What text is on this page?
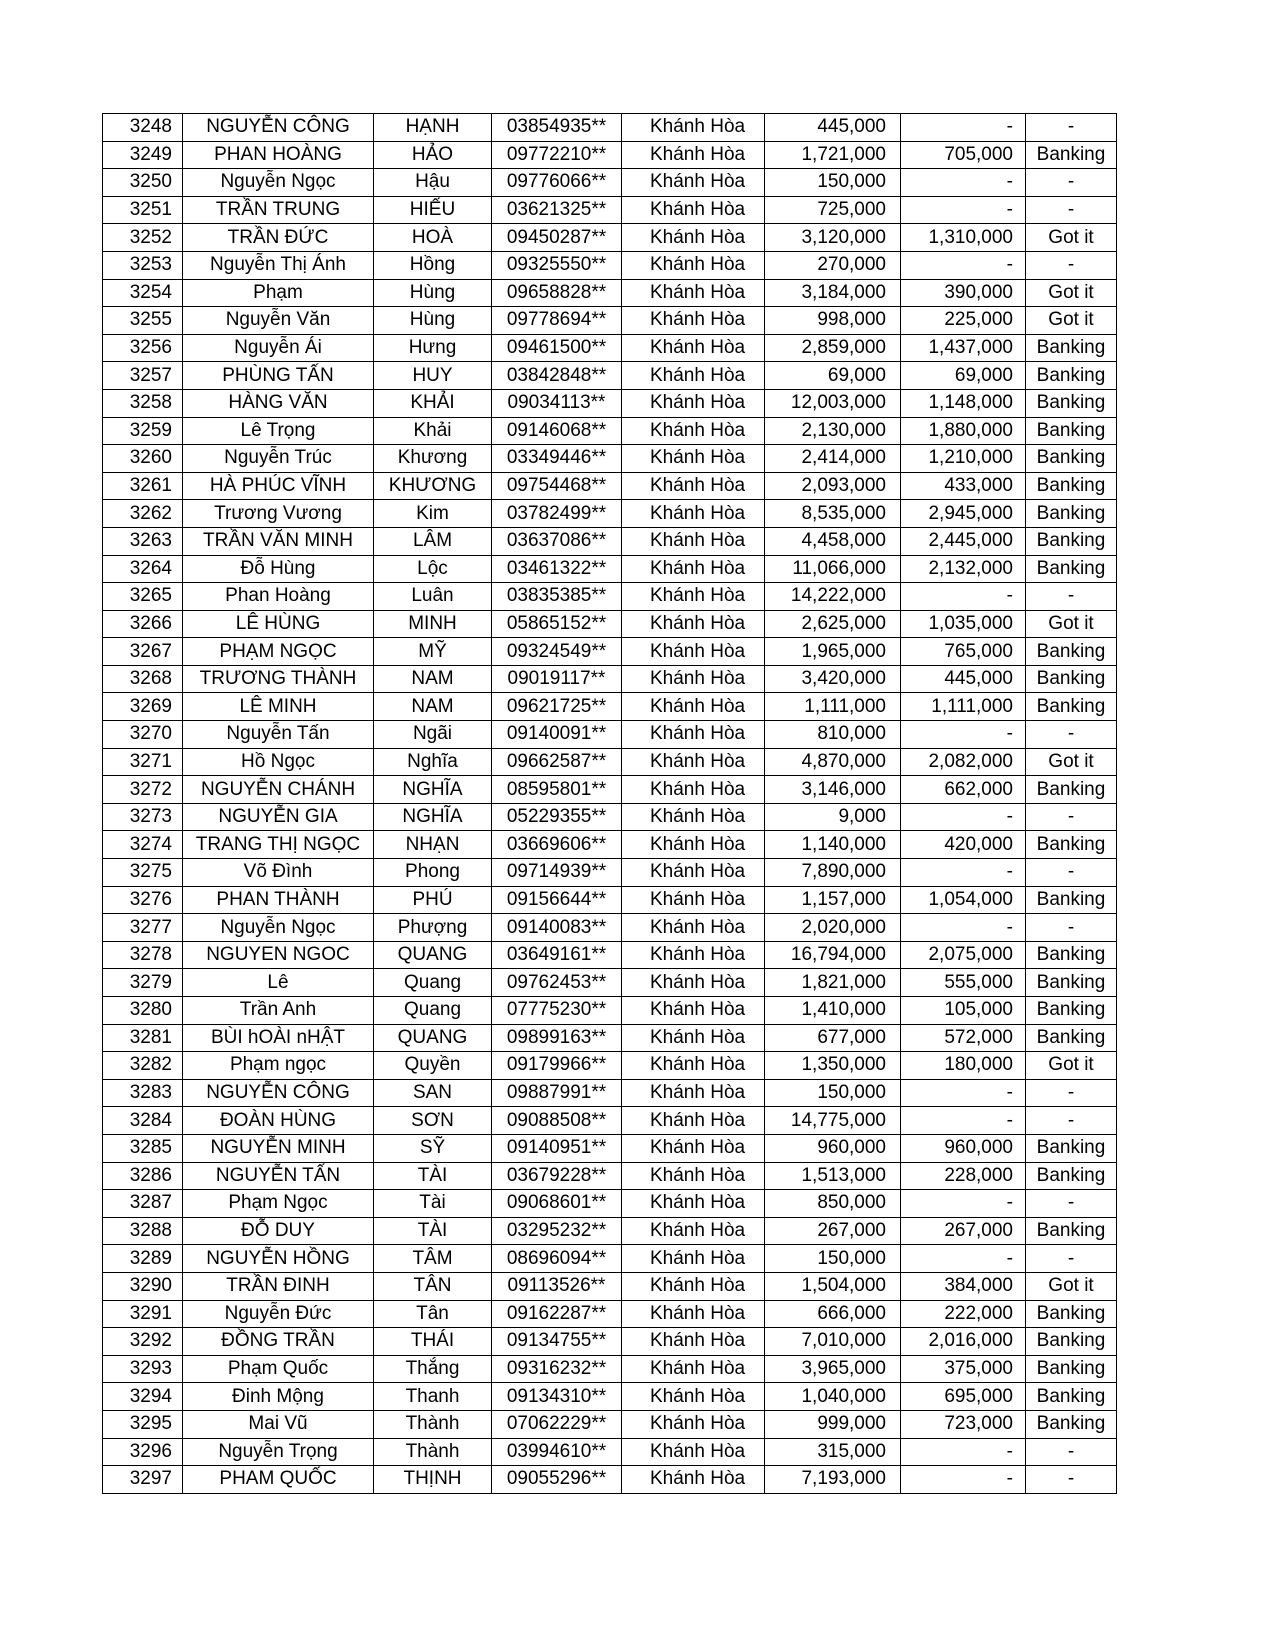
3248	NGUYỄN CÔNG	HẠNH	03854935**	Khánh Hòa	445,000	-	-
3249	PHAN HOÀNG	HẢO	09772210**	Khánh Hòa	1,721,000	705,000	Banking
3250	Nguyễn Ngọc	Hậu	09776066**	Khánh Hòa	150,000	-	-
3251	TRẦN TRUNG	HIẾU	03621325**	Khánh Hòa	725,000	-	-
3252	TRẦN ĐỨC	HOÀ	09450287**	Khánh Hòa	3,120,000	1,310,000	Got it
3253	Nguyễn Thị Ánh	Hồng	09325550**	Khánh Hòa	270,000	-	-
3254	Phạm	Hùng	09658828**	Khánh Hòa	3,184,000	390,000	Got it
3255	Nguyễn Văn	Hùng	09778694**	Khánh Hòa	998,000	225,000	Got it
3256	Nguyễn Ái	Hưng	09461500**	Khánh Hòa	2,859,000	1,437,000	Banking
3257	PHÙNG TẤN	HUY	03842848**	Khánh Hòa	69,000	69,000	Banking
3258	HÀNG VĂN	KHẢI	09034113**	Khánh Hòa	12,003,000	1,148,000	Banking
3259	Lê Trọng	Khải	09146068**	Khánh Hòa	2,130,000	1,880,000	Banking
3260	Nguyễn Trúc	Khương	03349446**	Khánh Hòa	2,414,000	1,210,000	Banking
3261	HÀ PHÚC VĨNH	KHƯƠNG	09754468**	Khánh Hòa	2,093,000	433,000	Banking
3262	Trương Vương	Kim	03782499**	Khánh Hòa	8,535,000	2,945,000	Banking
3263	TRẦN VĂN MINH	LÂM	03637086**	Khánh Hòa	4,458,000	2,445,000	Banking
3264	Đỗ Hùng	Lộc	03461322**	Khánh Hòa	11,066,000	2,132,000	Banking
3265	Phan Hoàng	Luân	03835385**	Khánh Hòa	14,222,000	-	-
3266	LÊ HÙNG	MINH	05865152**	Khánh Hòa	2,625,000	1,035,000	Got it
3267	PHẠM NGỌC	MỸ	09324549**	Khánh Hòa	1,965,000	765,000	Banking
3268	TRƯƠNG THÀNH	NAM	09019117**	Khánh Hòa	3,420,000	445,000	Banking
3269	LÊ MINH	NAM	09621725**	Khánh Hòa	1,111,000	1,111,000	Banking
3270	Nguyễn Tấn	Ngãi	09140091**	Khánh Hòa	810,000	-	-
3271	Hồ Ngọc	Nghĩa	09662587**	Khánh Hòa	4,870,000	2,082,000	Got it
3272	NGUYỄN CHÁNH	NGHĨA	08595801**	Khánh Hòa	3,146,000	662,000	Banking
3273	NGUYỄN GIA	NGHĨA	05229355**	Khánh Hòa	9,000	-	-
3274	TRANG THỊ NGỌC	NHẠN	03669606**	Khánh Hòa	1,140,000	420,000	Banking
3275	Võ Đình	Phong	09714939**	Khánh Hòa	7,890,000	-	-
3276	PHAN THÀNH	PHÚ	09156644**	Khánh Hòa	1,157,000	1,054,000	Banking
3277	Nguyễn Ngọc	Phượng	09140083**	Khánh Hòa	2,020,000	-	-
3278	NGUYEN NGOC	QUANG	03649161**	Khánh Hòa	16,794,000	2,075,000	Banking
3279	Lê	Quang	09762453**	Khánh Hòa	1,821,000	555,000	Banking
3280	Trần Anh	Quang	07775230**	Khánh Hòa	1,410,000	105,000	Banking
3281	BÙI hOÀI nHẬT	QUANG	09899163**	Khánh Hòa	677,000	572,000	Banking
3282	Phạm ngọc	Quyền	09179966**	Khánh Hòa	1,350,000	180,000	Got it
3283	NGUYỄN CÔNG	SAN	09887991**	Khánh Hòa	150,000	-	-
3284	ĐOÀN HÙNG	SƠN	09088508**	Khánh Hòa	14,775,000	-	-
3285	NGUYỄN MINH	SỸ	09140951**	Khánh Hòa	960,000	960,000	Banking
3286	NGUYỄN TẤN	TÀI	03679228**	Khánh Hòa	1,513,000	228,000	Banking
3287	Phạm Ngọc	Tài	09068601**	Khánh Hòa	850,000	-	-
3288	ĐỖ DUY	TÀI	03295232**	Khánh Hòa	267,000	267,000	Banking
3289	NGUYỄN HỒNG	TÂM	08696094**	Khánh Hòa	150,000	-	-
3290	TRẦN ĐINH	TÂN	09113526**	Khánh Hòa	1,504,000	384,000	Got it
3291	Nguyễn Đức	Tân	09162287**	Khánh Hòa	666,000	222,000	Banking
3292	ĐỒNG TRẦN	THÁI	09134755**	Khánh Hòa	7,010,000	2,016,000	Banking
3293	Phạm Quốc	Thắng	09316232**	Khánh Hòa	3,965,000	375,000	Banking
3294	Đinh Mộng	Thanh	09134310**	Khánh Hòa	1,040,000	695,000	Banking
3295	Mai Vũ	Thành	07062229**	Khánh Hòa	999,000	723,000	Banking
3296	Nguyễn Trọng	Thành	03994610**	Khánh Hòa	315,000	-	-
3297	PHAM QUỐC	THỊNH	09055296**	Khánh Hòa	7,193,000	-	-
